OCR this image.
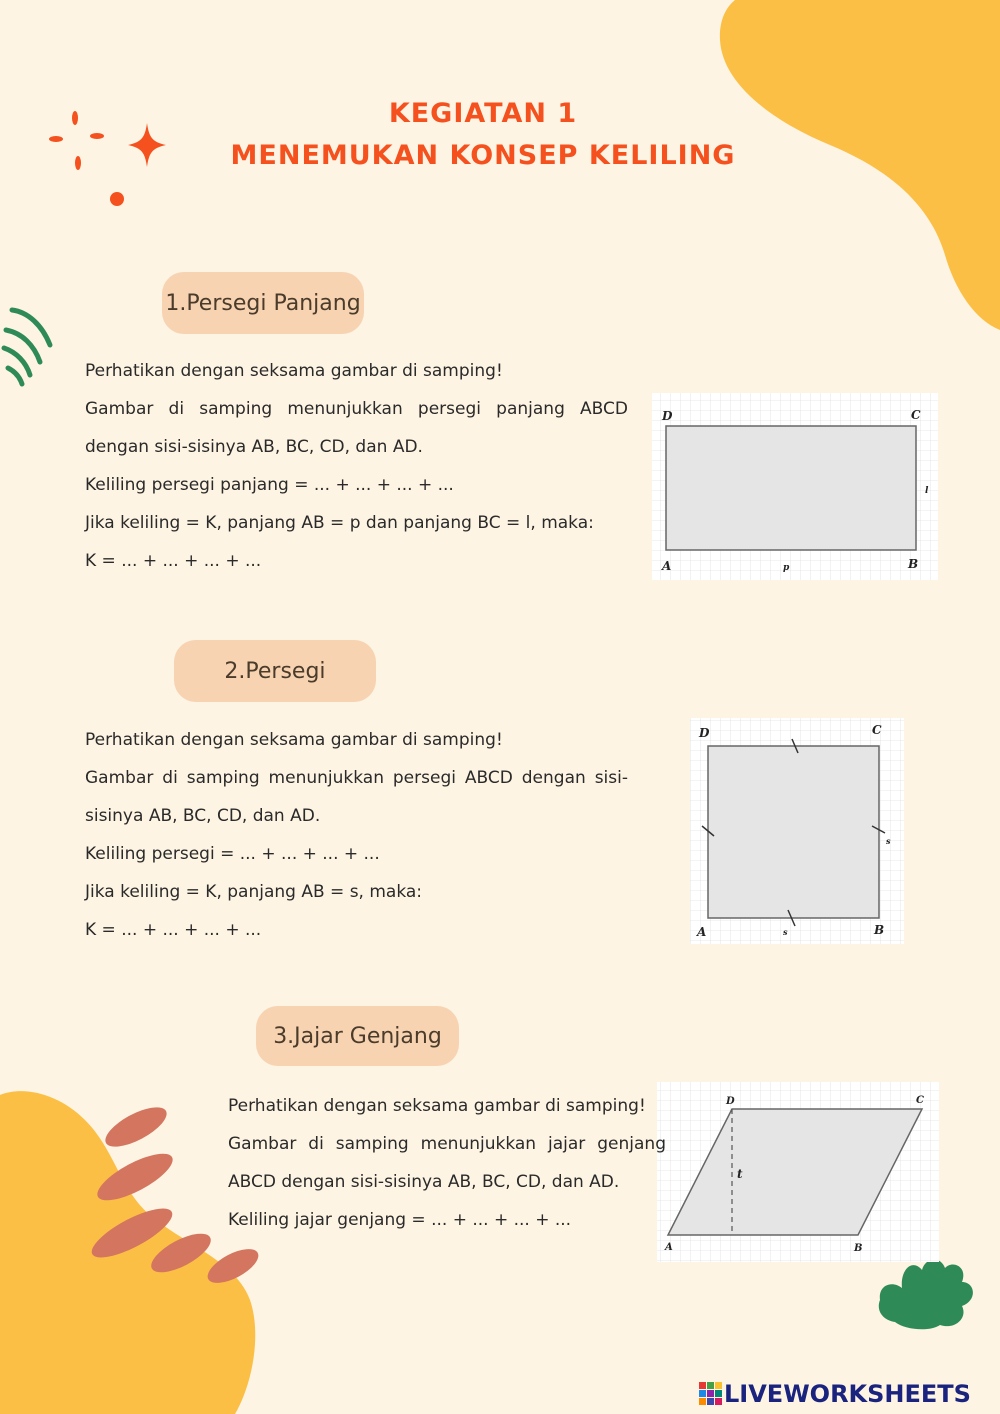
D	C
A	B
p
l
D	C
A	B
s
s
D	C
A	B
t
KEGIATAN 1
MENEMUKAN KONSEP KELILING
1.Persegi Panjang
Perhatikan dengan seksama gambar di samping!
Gambar di samping menunjukkan persegi panjang ABCD
dengan sisi-sisinya AB, BC, CD, dan AD.
Keliling persegi panjang = ... + ... + ... + ...
Jika keliling = K, panjang AB = p dan panjang BC = l, maka:
K = ... + ... + ... + ...
2.Persegi
Perhatikan dengan seksama gambar di samping!
Gambar di samping menunjukkan persegi ABCD dengan sisi-
sisinya AB, BC, CD, dan AD.
Keliling persegi = ... + ... + ... + ...
Jika keliling = K, panjang AB = s, maka:
K = ... + ... + ... + ...
3.Jajar Genjang
Perhatikan dengan seksama gambar di samping!
Gambar di samping menunjukkan jajar genjang
ABCD dengan sisi-sisinya AB, BC, CD, dan AD.
Keliling jajar genjang = ... + ... + ... + ...
LIVEWORKSHEETS
